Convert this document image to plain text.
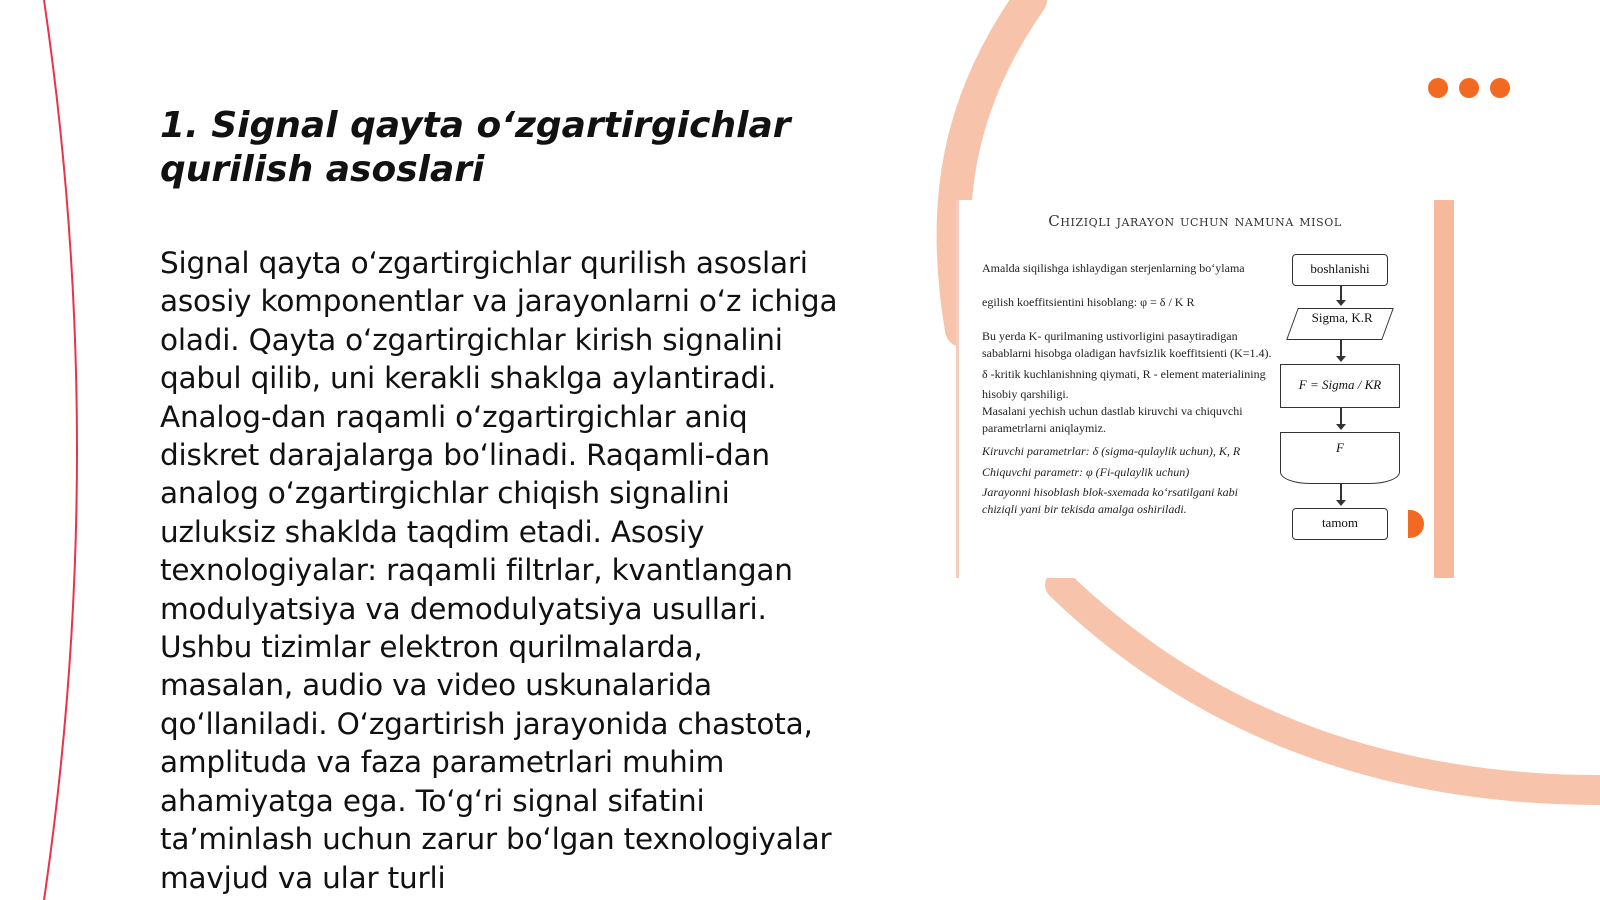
1. Signal qayta o‘zgartirgichlar qurilish asoslari

Signal qayta o‘zgartirgichlar qurilish asoslari asosiy komponentlar va jarayonlarni o‘z ichiga oladi. Qayta o‘zgartirgichlar kirish signalini qabul qilib, uni kerakli shaklga aylantiradi. Analog-dan raqamli o‘zgartirgichlar aniq diskret darajalarga bo‘linadi. Raqamli-dan analog o‘zgartirgichlar chiqish signalini uzluksiz shaklda taqdim etadi. Asosiy texnologiyalar: raqamli filtrlar, kvantlangan modulyatsiya va demodulyatsiya usullari. Ushbu tizimlar elektron qurilmalarda, masalan, audio va video uskunalarida qo‘llaniladi. O‘zgartirish jarayonida chastota, amplituda va faza parametrlari muhim ahamiyatga ega. To‘g‘ri signal sifatini ta’minlash uchun zarur bo‘lgan texnologiyalar mavjud va ular turli

Chiziqli jarayon uchun namuna misol
Amalda siqilishga ishlaydigan sterjenlarning bo‘ylama
egilish koeffitsientini hisoblang: φ = δ / K R
Bu yerda K- qurilmaning ustivorligini pasaytiradigan
sabablarni hisobga oladigan havfsizlik koeffitsienti (K=1.4).
δ -kritik kuchlanishning qiymati, R - element materialining
hisobiy qarshiligi.
Masalani yechish uchun dastlab kiruvchi va chiquvchi
parametrlarni aniqlaymiz.
Kiruvchi parametrlar: δ (sigma-qulaylik uchun), K, R
Chiquvchi parametr: φ (Fi-qulaylik uchun)
Jarayonni hisoblash blok-sxemada ko‘rsatilgani kabi
chiziqli yani bir tekisda amalga oshiriladi.
boshlanishi
Sigma, K.R
F = Sigma / KR
F
tamom
